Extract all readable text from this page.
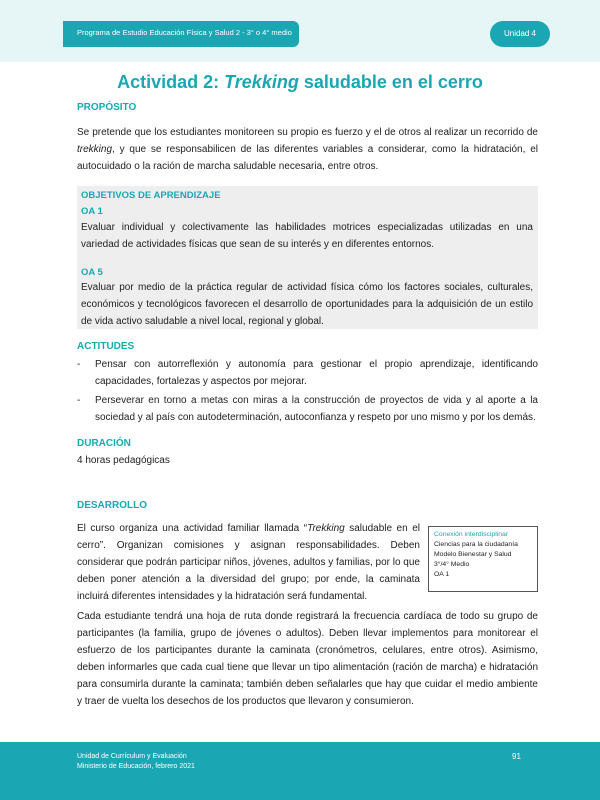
Programa de Estudio Educación Física y Salud 2 - 3° o 4° medio	Unidad 4
Actividad 2: Trekking saludable en el cerro
PROPÓSITO

Se pretende que los estudiantes monitoreen su propio es fuerzo y el de otros al realizar un recorrido de trekking, y que se responsabilicen de las diferentes variables a considerar, como la hidratación, el autocuidado o la ración de marcha saludable necesaria, entre otros.

OBJETIVOS DE APRENDIZAJE
OA 1

Evaluar individual y colectivamente las habilidades motrices especializadas utilizadas en una variedad de actividades físicas que sean de su interés y en diferentes entornos.

OA 5

Evaluar por medio de la práctica regular de actividad física cómo los factores sociales, culturales, económicos y tecnológicos favorecen el desarrollo de oportunidades para la adquisición de un estilo de vida activo saludable a nivel local, regional y global.

ACTITUDES
- Pensar con autorreflexión y autonomía para gestionar el propio aprendizaje, identificando capacidades, fortalezas y aspectos por mejorar.
- Perseverar en torno a metas con miras a la construcción de proyectos de vida y al aporte a la sociedad y al país con autodeterminación, autoconfianza y respeto por uno mismo y por los demás.
DURACIÓN

4 horas pedagógicas

DESARROLLO

El curso organiza una actividad familiar llamada “Trekking saludable en el cerro”. Organizan comisiones y asignan responsabilidades. Deben considerar que podrán participar niños, jóvenes, adultos y familias, por lo que deben poner atención a la diversidad del grupo; por ende, la caminata incluirá diferentes intensidades y la hidratación será fundamental.

Conexión interdisciplinar
Ciencias para la ciudadanía
Modelo Bienestar y Salud
3°/4° Medio
OA 1

Cada estudiante tendrá una hoja de ruta donde registrará la frecuencia cardíaca de todo su grupo de participantes (la familia, grupo de jóvenes o adultos). Deben llevar implementos para monitorear el esfuerzo de los participantes durante la caminata (cronómetros, celulares, entre otros). Asimismo, deben informarles que cada cual tiene que llevar un tipo alimentación (ración de marcha) e hidratación para consumirla durante la caminata; también deben señalarles que hay que cuidar el medio ambiente y traer de vuelta los desechos de los productos que llevaron y consumieron.

Unidad de Currículum y Evaluación
Ministerio de Educación, febrero 2021
91
